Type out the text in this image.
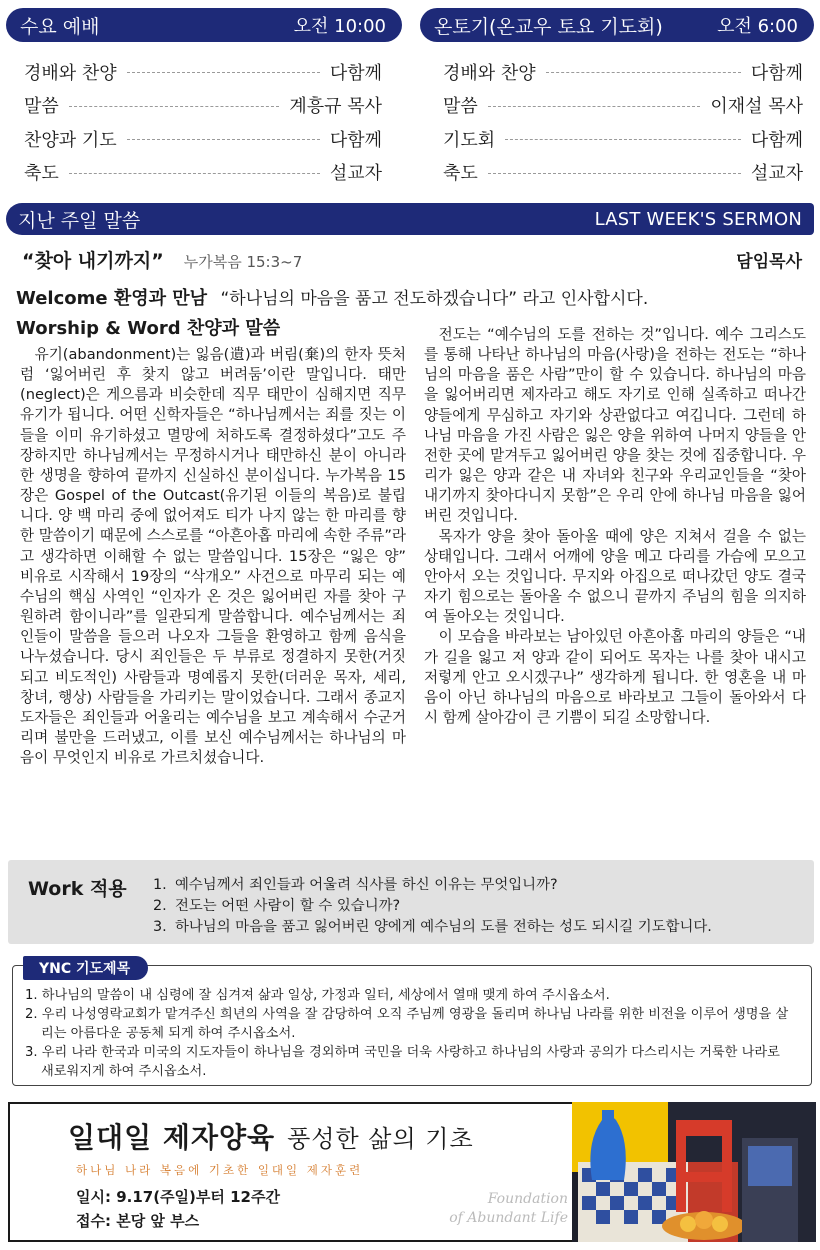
수요 예배	오전 10:00	온토기(온교우 토요 기도회)	오전 6:00
경배와 찬양	다함께
말씀	계흥규 목사
찬양과 기도	다함께
축도	설교자
경배와 찬양	다함께
말씀	이재설 목사
기도회	다함께
축도	설교자
지난 주일 말씀	LAST WEEK'S SERMON
“찾아 내기까지” 누가복음 15:3~7	담임목사
Welcome 환영과 만남 “하나님의 마음을 품고 전도하겠습니다” 라고 인사합시다.
Worship & Word 찬양과 말씀

유기(abandonment)는 잃음(遺)과 버림(棄)의 한자 뜻처럼 ‘잃어버린 후 찾지 않고 버려둠’이란 말입니다. 태만(neglect)은 게으름과 비슷한데 직무 태만이 심해지면 직무 유기가 됩니다. 어떤 신학자들은 “하나님께서는 죄를 짓는 이들을 이미 유기하셨고 멸망에 처하도록 결정하셨다”고도 주장하지만 하나님께서는 무정하시거나 태만하신 분이 아니라 한 생명을 향하여 끝까지 신실하신 분이십니다. 누가복음 15장은 Gospel of the Outcast(유기된 이들의 복음)로 불립니다. 양 백 마리 중에 없어져도 티가 나지 않는 한 마리를 향한 말씀이기 때문에 스스로를 “아흔아홉 마리에 속한 주류”라고 생각하면 이해할 수 없는 말씀입니다. 15장은 “잃은 양” 비유로 시작해서 19장의 “삭개오” 사건으로 마무리 되는 예수님의 핵심 사역인 “인자가 온 것은 잃어버린 자를 찾아 구원하려 함이니라”를 일관되게 말씀합니다. 예수님께서는 죄인들이 말씀을 들으러 나오자 그들을 환영하고 함께 음식을 나누셨습니다. 당시 죄인들은 두 부류로 정결하지 못한(거짓되고 비도적인) 사람들과 명예롭지 못한(더러운 목자, 세리, 창녀, 행상) 사람들을 가리키는 말이었습니다. 그래서 종교지도자들은 죄인들과 어울리는 예수님을 보고 계속해서 수군거리며 불만을 드러냈고, 이를 보신 예수님께서는 하나님의 마음이 무엇인지 비유로 가르치셨습니다.

전도는 “예수님의 도를 전하는 것”입니다. 예수 그리스도를 통해 나타난 하나님의 마음(사랑)을 전하는 전도는 “하나님의 마음을 품은 사람”만이 할 수 있습니다. 하나님의 마음을 잃어버리면 제자라고 해도 자기로 인해 실족하고 떠나간 양들에게 무심하고 자기와 상관없다고 여깁니다. 그런데 하나님 마음을 가진 사람은 잃은 양을 위하여 나머지 양들을 안전한 곳에 맡겨두고 잃어버린 양을 찾는 것에 집중합니다. 우리가 잃은 양과 같은 내 자녀와 친구와 우리교인들을 “찾아 내기까지 찾아다니지 못함”은 우리 안에 하나님 마음을 잃어버린 것입니다.

목자가 양을 찾아 돌아올 때에 양은 지쳐서 걸을 수 없는 상태입니다. 그래서 어깨에 양을 메고 다리를 가슴에 모으고 안아서 오는 것입니다. 무지와 아집으로 떠나갔던 양도 결국 자기 힘으로는 돌아올 수 없으니 끝까지 주님의 힘을 의지하여 돌아오는 것입니다.

이 모습을 바라보는 남아있던 아흔아홉 마리의 양들은 “내가 길을 잃고 저 양과 같이 되어도 목자는 나를 찾아 내시고 저렇게 안고 오시겠구나” 생각하게 됩니다. 한 영혼을 내 마음이 아닌 하나님의 마음으로 바라보고 그들이 돌아와서 다시 함께 살아감이 큰 기쁨이 되길 소망합니다.

Work 적용 1. 예수님께서 죄인들과 어울려 식사를 하신 이유는 무엇입니까?
2. 전도는 어떤 사람이 할 수 있습니까?
3. 하나님의 마음을 품고 잃어버린 양에게 예수님의 도를 전하는 성도 되시길 기도합니다.
YNC 기도제목
1. 하나님의 말씀이 내 심령에 잘 심겨져 삶과 일상, 가정과 일터, 세상에서 열매 맺게 하여 주시옵소서.
2. 우리 나성영락교회가 맡겨주신 희년의 사역을 잘 감당하여 오직 주님께 영광을 돌리며 하나님 나라를 위한 비전을 이루어 생명을 살리는 아름다운 공동체 되게 하여 주시옵소서.
3. 우리 나라 한국과 미국의 지도자들이 하나님을 경외하며 국민을 더욱 사랑하고 하나님의 사랑과 공의가 다스리시는 거룩한 나라로 새로워지게 하여 주시옵소서.
일대일 제자양육 풍성한 삶의 기초
하나님 나라 복음에 기초한 일대일 제자훈련
일시: 9.17(주일)부터 12주간
접수: 본당 앞 부스
Foundation
of Abundant Life
